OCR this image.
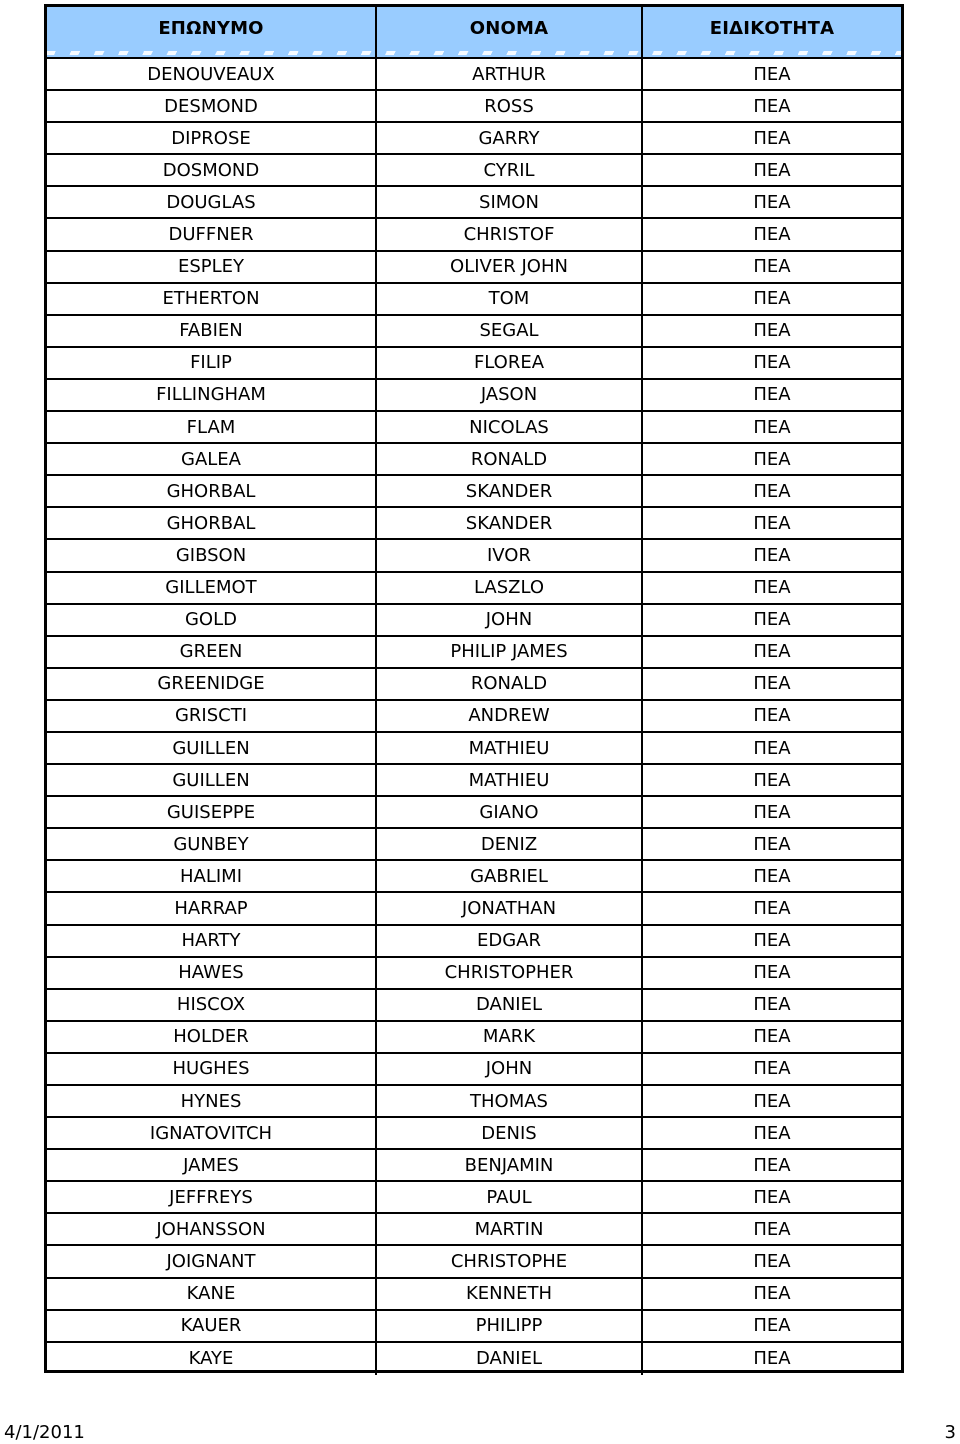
ΕΠΩΝΥΜΟ	ΟΝΟΜΑ	ΕΙΔΙΚΟΤΗΤΑ
DENOUVEAUX	ARTHUR	ΠΕΑ
DESMOND	ROSS	ΠΕΑ
DIPROSE	GARRY	ΠΕΑ
DOSMOND	CYRIL	ΠΕΑ
DOUGLAS	SIMON	ΠΕΑ
DUFFNER	CHRISTOF	ΠΕΑ
ESPLEY	OLIVER JOHN	ΠΕΑ
ETHERTON	TOM	ΠΕΑ
FABIEN	SEGAL	ΠΕΑ
FILIP	FLOREA	ΠΕΑ
FILLINGHAM	JASON	ΠΕΑ
FLAM	NICOLAS	ΠΕΑ
GALEA	RONALD	ΠΕΑ
GHORBAL	SKANDER	ΠΕΑ
GHORBAL	SKANDER	ΠΕΑ
GIBSON	IVOR	ΠΕΑ
GILLEMOT	LASZLO	ΠΕΑ
GOLD	JOHN	ΠΕΑ
GREEN	PHILIP JAMES	ΠΕΑ
GREENIDGE	RONALD	ΠΕΑ
GRISCTI	ANDREW	ΠΕΑ
GUILLEN	MATHIEU	ΠΕΑ
GUILLEN	MATHIEU	ΠΕΑ
GUISEPPE	GIANO	ΠΕΑ
GUNBEY	DENIZ	ΠΕΑ
HALIMI	GABRIEL	ΠΕΑ
HARRAP	JONATHAN	ΠΕΑ
HARTY	EDGAR	ΠΕΑ
HAWES	CHRISTOPHER	ΠΕΑ
HISCOX	DANIEL	ΠΕΑ
HOLDER	MARK	ΠΕΑ
HUGHES	JOHN	ΠΕΑ
HYNES	THOMAS	ΠΕΑ
IGNATOVITCH	DENIS	ΠΕΑ
JAMES	BENJAMIN	ΠΕΑ
JEFFREYS	PAUL	ΠΕΑ
JOHANSSON	MARTIN	ΠΕΑ
JOIGNANT	CHRISTOPHE	ΠΕΑ
KANE	KENNETH	ΠΕΑ
KAUER	PHILIPP	ΠΕΑ
KAYE	DANIEL	ΠΕΑ
4/1/2011	3
